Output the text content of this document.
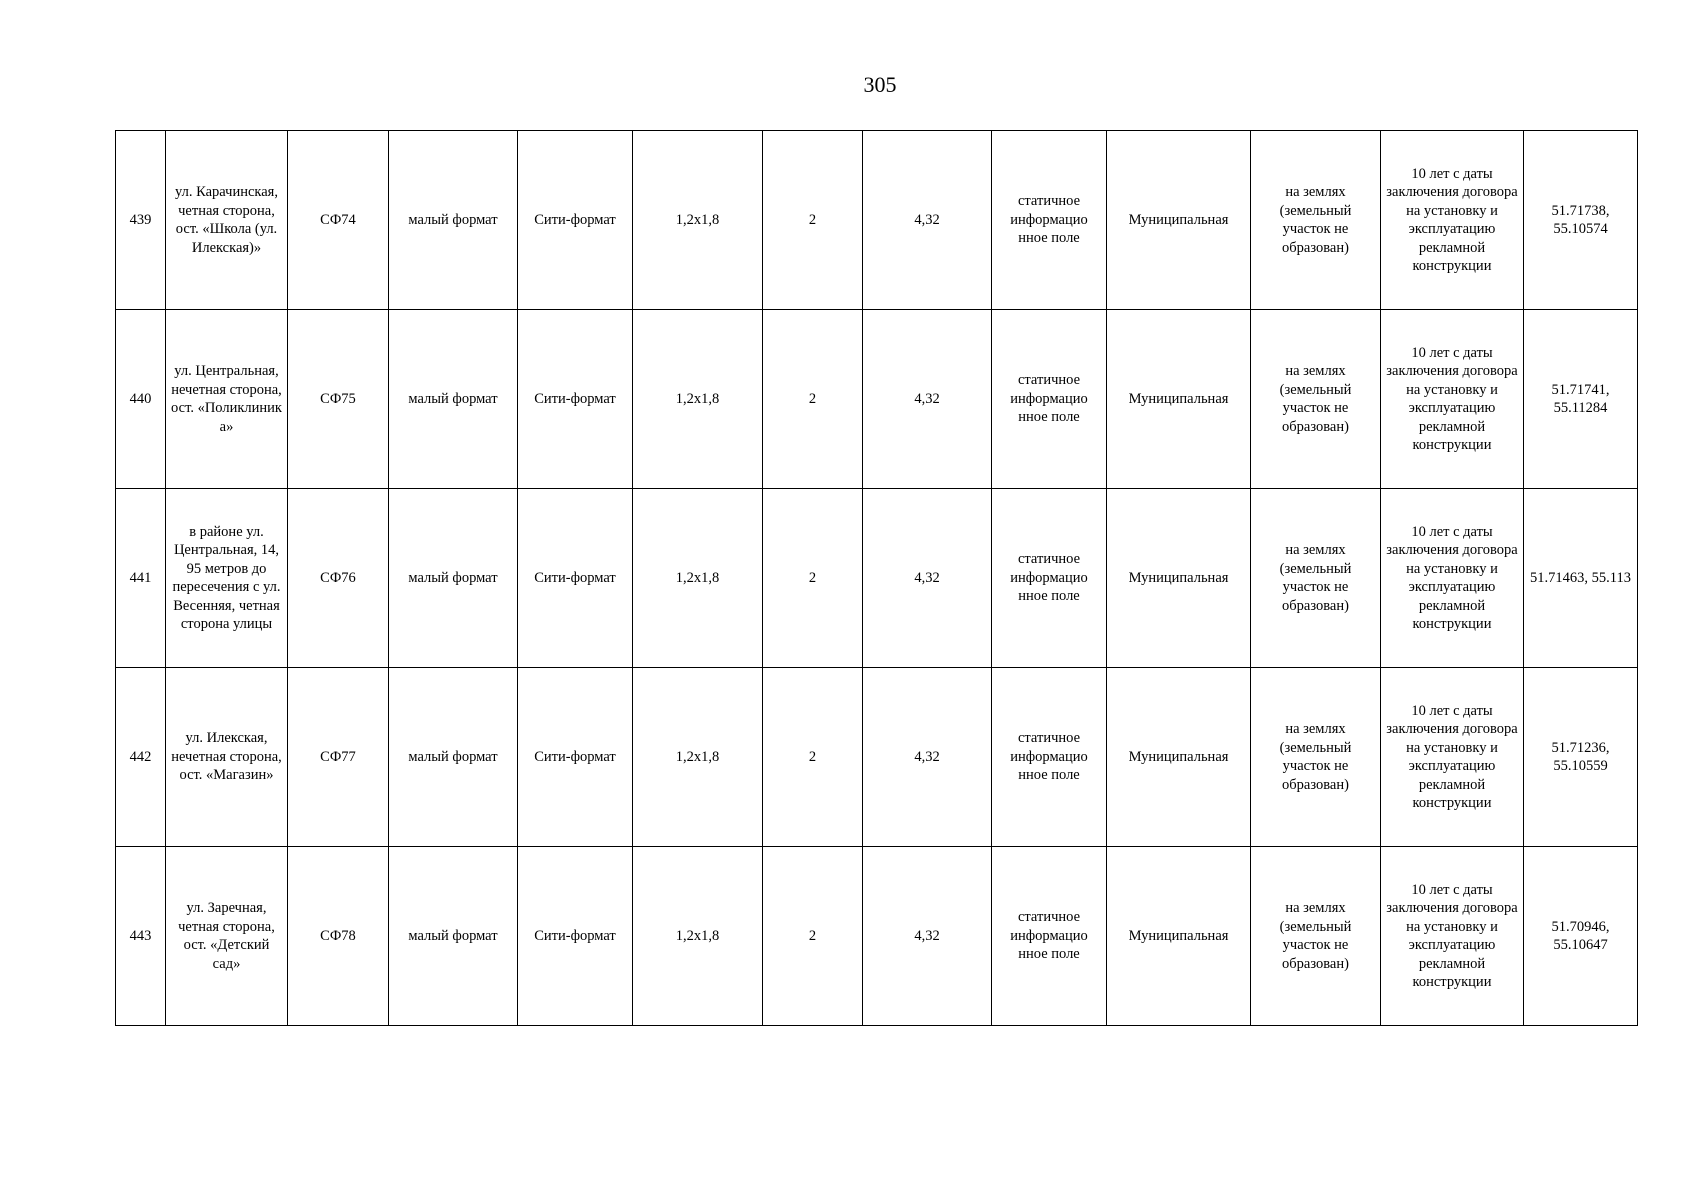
305
439	ул. Карачинская, четная сторона, ост. «Школа (ул. Илекская)»	СФ74	малый формат	Сити-формат	1,2х1,8	2	4,32	статичное информацио нное поле	Муниципальная	на землях (земельный участок не образован)	10 лет с даты заключения договора на установку и эксплуатацию рекламной конструкции	51.71738, 55.10574
440	ул. Центральная, нечетная сторона, ост. «Поликлиник а»	СФ75	малый формат	Сити-формат	1,2х1,8	2	4,32	статичное информацио нное поле	Муниципальная	на землях (земельный участок не образован)	10 лет с даты заключения договора на установку и эксплуатацию рекламной конструкции	51.71741, 55.11284
441	в районе ул. Центральная, 14, 95 метров до пересечения с ул. Весенняя, четная сторона улицы	СФ76	малый формат	Сити-формат	1,2х1,8	2	4,32	статичное информацио нное поле	Муниципальная	на землях (земельный участок не образован)	10 лет с даты заключения договора на установку и эксплуатацию рекламной конструкции	51.71463, 55.113
442	ул. Илекская, нечетная сторона, ост. «Магазин»	СФ77	малый формат	Сити-формат	1,2х1,8	2	4,32	статичное информацио нное поле	Муниципальная	на землях (земельный участок не образован)	10 лет с даты заключения договора на установку и эксплуатацию рекламной конструкции	51.71236, 55.10559
443	ул. Заречная, четная сторона, ост. «Детский сад»	СФ78	малый формат	Сити-формат	1,2х1,8	2	4,32	статичное информацио нное поле	Муниципальная	на землях (земельный участок не образован)	10 лет с даты заключения договора на установку и эксплуатацию рекламной конструкции	51.70946, 55.10647
